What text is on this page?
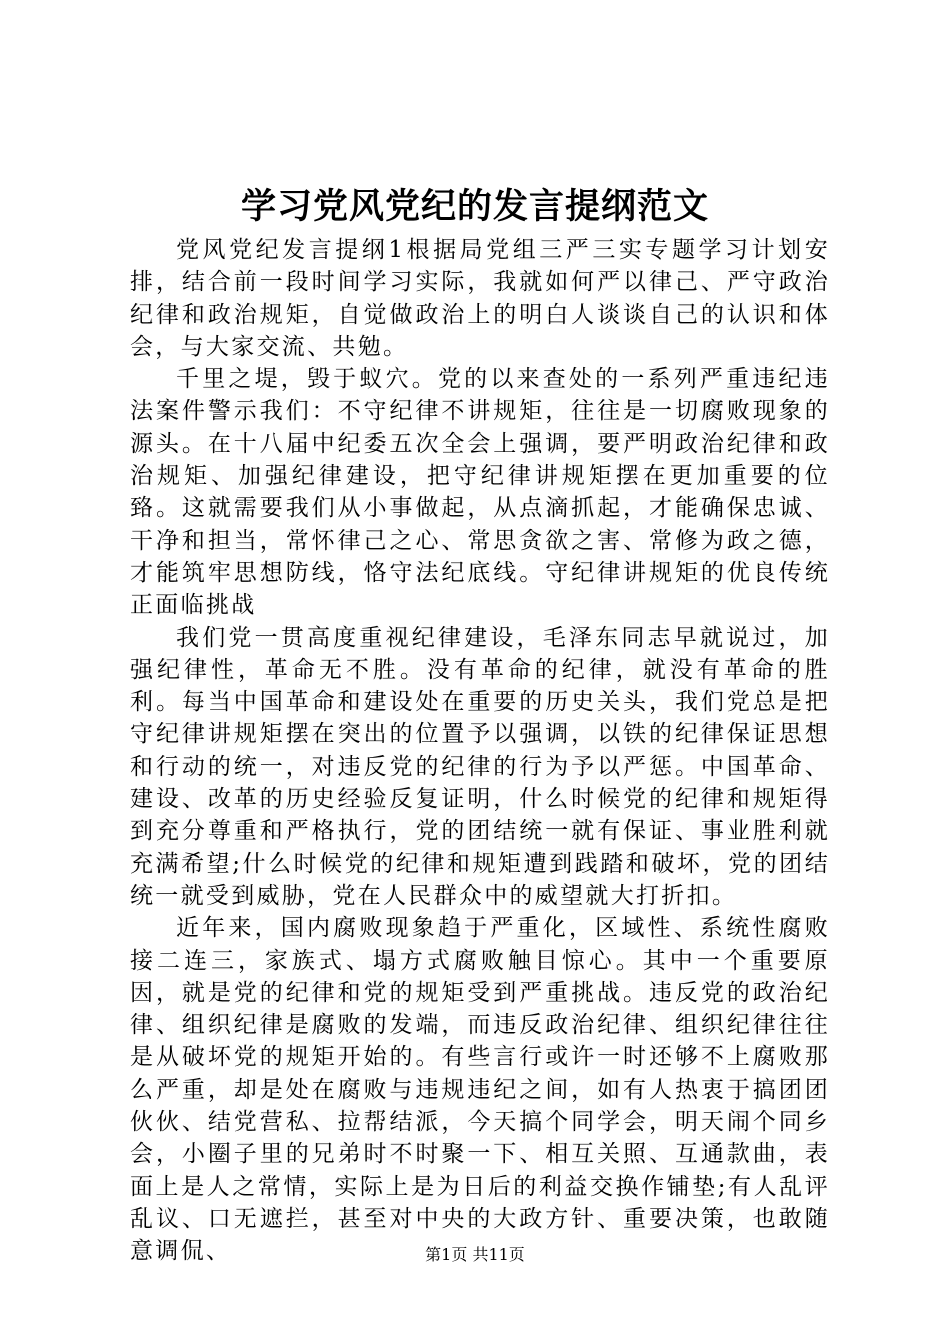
学习党风党纪的发言提纲范文

党风党纪发言提纲1根据局党组三严三实专题学习计划安排，结合前一段时间学习实际，我就如何严以律己、严守政治纪律和政治规矩，自觉做政治上的明白人谈谈自己的认识和体会，与大家交流、共勉。

千里之堤，毁于蚁穴。党的以来查处的一系列严重违纪违法案件警示我们：不守纪律不讲规矩，往往是一切腐败现象的源头。在十八届中纪委五次全会上强调，要严明政治纪律和政治规矩、加强纪律建设，把守纪律讲规矩摆在更加重要的位臵。这就需要我们从小事做起，从点滴抓起，才能确保忠诚、干净和担当，常怀律己之心、常思贪欲之害、常修为政之德，才能筑牢思想防线，恪守法纪底线。守纪律讲规矩的优良传统正面临挑战

我们党一贯高度重视纪律建设，毛泽东同志早就说过，加强纪律性，革命无不胜。没有革命的纪律，就没有革命的胜利。每当中国革命和建设处在重要的历史关头，我们党总是把守纪律讲规矩摆在突出的位置予以强调，以铁的纪律保证思想和行动的统一，对违反党的纪律的行为予以严惩。中国革命、建设、改革的历史经验反复证明，什么时候党的纪律和规矩得到充分尊重和严格执行，党的团结统一就有保证、事业胜利就充满希望;什么时候党的纪律和规矩遭到践踏和破坏，党的团结统一就受到威胁，党在人民群众中的威望就大打折扣。

近年来，国内腐败现象趋于严重化，区域性、系统性腐败接二连三，家族式、塌方式腐败触目惊心。其中一个重要原因，就是党的纪律和党的规矩受到严重挑战。违反党的政治纪律、组织纪律是腐败的发端，而违反政治纪律、组织纪律往往是从破坏党的规矩开始的。有些言行或许一时还够不上腐败那么严重，却是处在腐败与违规违纪之间，如有人热衷于搞团团伙伙、结党营私、拉帮结派，今天搞个同学会，明天闹个同乡会，小圈子里的兄弟时不时聚一下、相互关照、互通款曲，表面上是人之常情，实际上是为日后的利益交换作铺垫;有人乱评乱议、口无遮拦，甚至对中央的大政方针、重要决策，也敢随意调侃、	第1页 共11页
